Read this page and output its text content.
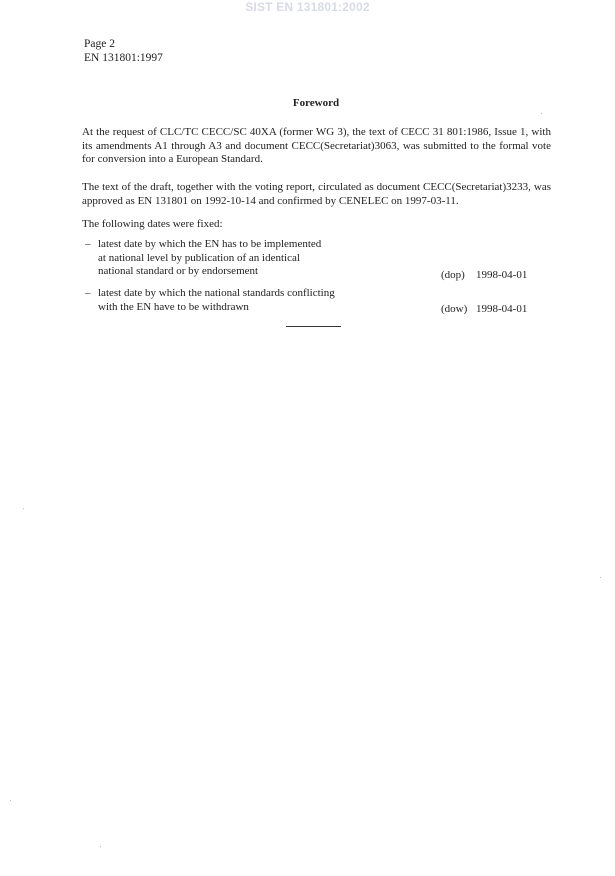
SIST EN 131801:2002
Page 2
EN 131801:1997
Foreword
At the request of CLC/TC CECC/SC 40XA (former WG 3), the text of CECC 31 801:1986, Issue 1, with its amendments A1 through A3 and document CECC(Secretariat)3063, was submitted to the formal vote for conversion into a European Standard.
The text of the draft, together with the voting report, circulated as document CECC(Secretariat)3233, was approved as EN 131801 on 1992-10-14 and confirmed by CENELEC on 1997-03-11.
The following dates were fixed:
– latest date by which the EN has to be implemented
at national level by publication of an identical
national standard or by endorsement	(dop)	1998-04-01
– latest date by which the national standards conflicting
with the EN have to be withdrawn	(dow) 1998-04-01
